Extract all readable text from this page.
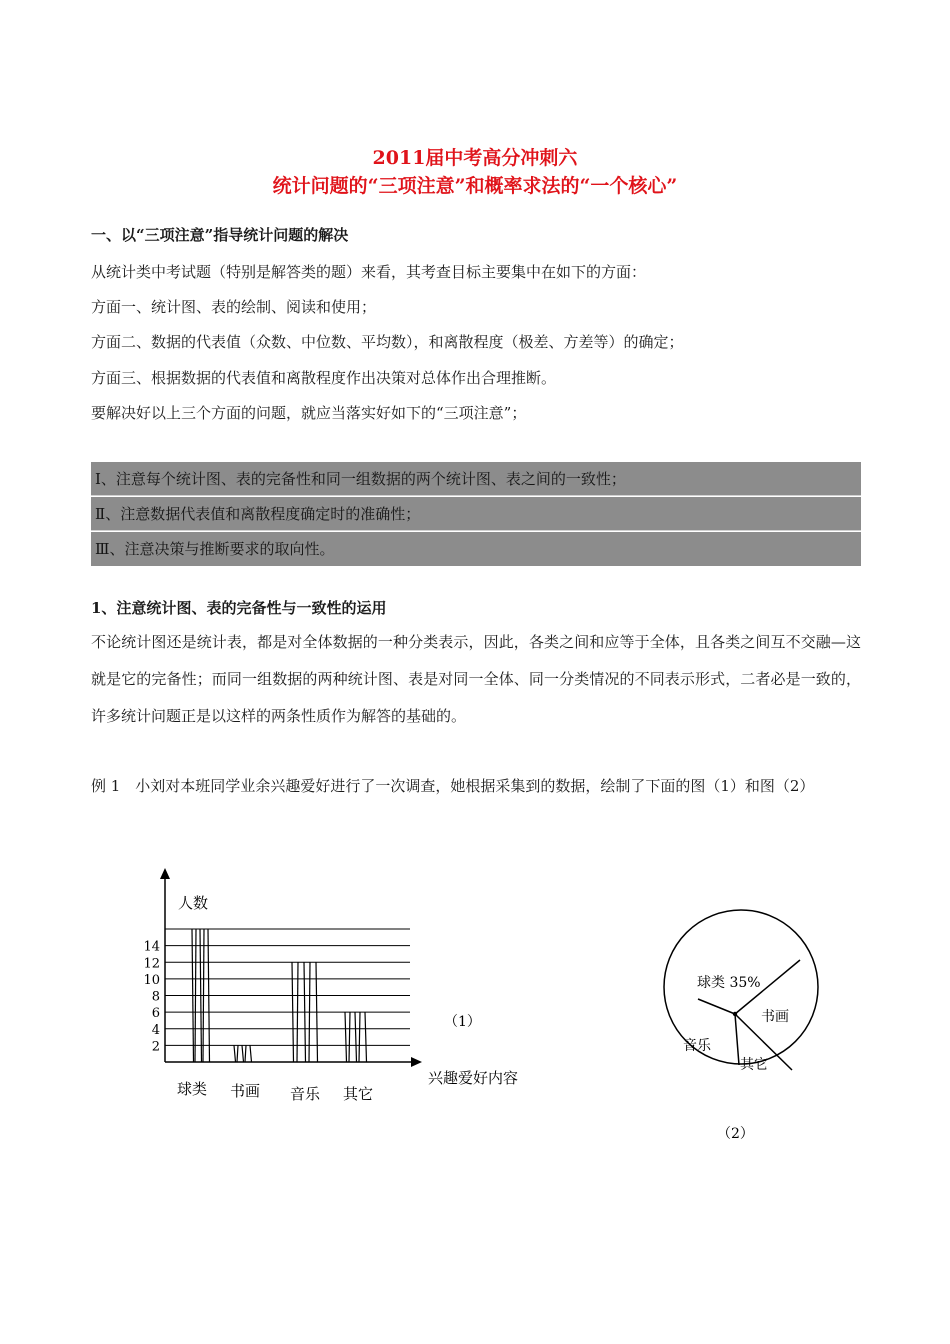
2011届中考高分冲刺六
统计问题的“三项注意”和概率求法的“一个核心”
一、以“三项注意”指导统计问题的解决
从统计类中考试题（特别是解答类的题）来看，其考查目标主要集中在如下的方面：
方面一、统计图、表的绘制、阅读和使用；
方面二、数据的代表值（众数、中位数、平均数），和离散程度（极差、方差等）的确定；
方面三、根据数据的代表值和离散程度作出决策对总体作出合理推断。
要解决好以上三个方面的问题，就应当落实好如下的“三项注意”；
Ⅰ、注意每个统计图、表的完备性和同一组数据的两个统计图、表之间的一致性；
Ⅱ、注意数据代表值和离散程度确定时的准确性；
Ⅲ、注意决策与推断要求的取向性。
1、注意统计图、表的完备性与一致性的运用
不论统计图还是统计表，都是对全体数据的一种分类表示，因此，各类之间和应等于全体，且各类之间互不交融—这就是它的完备性；而同一组数据的两种统计图、表是对同一全体、同一分类情况的不同表示形式，二者必是一致的，许多统计问题正是以这样的两条性质作为解答的基础的。
例 1　小刘对本班同学业余兴趣爱好进行了一次调查，她根据采集到的数据，绘制了下面的图（1）和图（2）
2
4
6
8
10
12
14
球类 书画 音乐 其它
人数
兴趣爱好内容
（1）
球类 35%
书画
其它
音乐
（2）
